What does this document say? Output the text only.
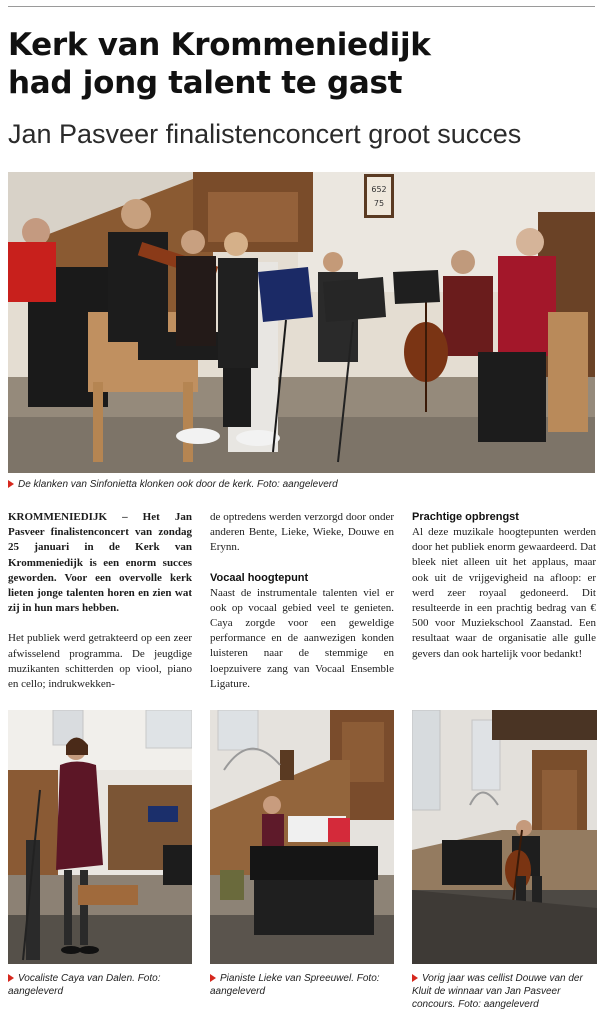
Kerk van Krommeniedijk
had jong talent te gast
Jan Pasveer finalistenconcert groot succes
652
75
De klanken van Sinfonietta klonken ook door de kerk. Foto: aangeleverd

KROMMENIEDIJK – Het Jan Pasveer finalistenconcert van zondag 25 januari in de Kerk van Krommeniedijk is een enorm succes geworden. Voor een overvolle kerk lieten jonge talenten horen en zien wat zij in hun mars hebben.

Het publiek werd getrakteerd op een zeer afwisselend programma. De jeugdige muzikanten schitterden op viool, piano en cello; indrukwekken-

de optredens werden verzorgd door onder anderen Bente, Lieke, Wieke, Douwe en Erynn.

Vocaal hoogtepunt

Naast de instrumentale talenten viel er ook op vocaal gebied veel te genieten. Caya zorgde voor een geweldige performance en de aanwezigen konden luisteren naar de stemmige en loepzuivere zang van Vocaal Ensemble Ligature.

Prachtige opbrengst

Al deze muzikale hoogtepunten werden door het publiek enorm gewaardeerd. Dat bleek niet alleen uit het applaus, maar ook uit de vrijgevigheid na afloop: er werd zeer royaal gedoneerd. Dit resulteerde in een prachtig bedrag van € 500 voor Muziekschool Zaanstad. Een resultaat waar de organisatie alle gulle gevers dan ook hartelijk voor bedankt!

Vocaliste Caya van Dalen. Foto: aangeleverd
Pianiste Lieke van Spreeuwel. Foto: aangeleverd
Vorig jaar was cellist Douwe van der Kluit de winnaar van Jan Pasveer concours. Foto: aangeleverd
